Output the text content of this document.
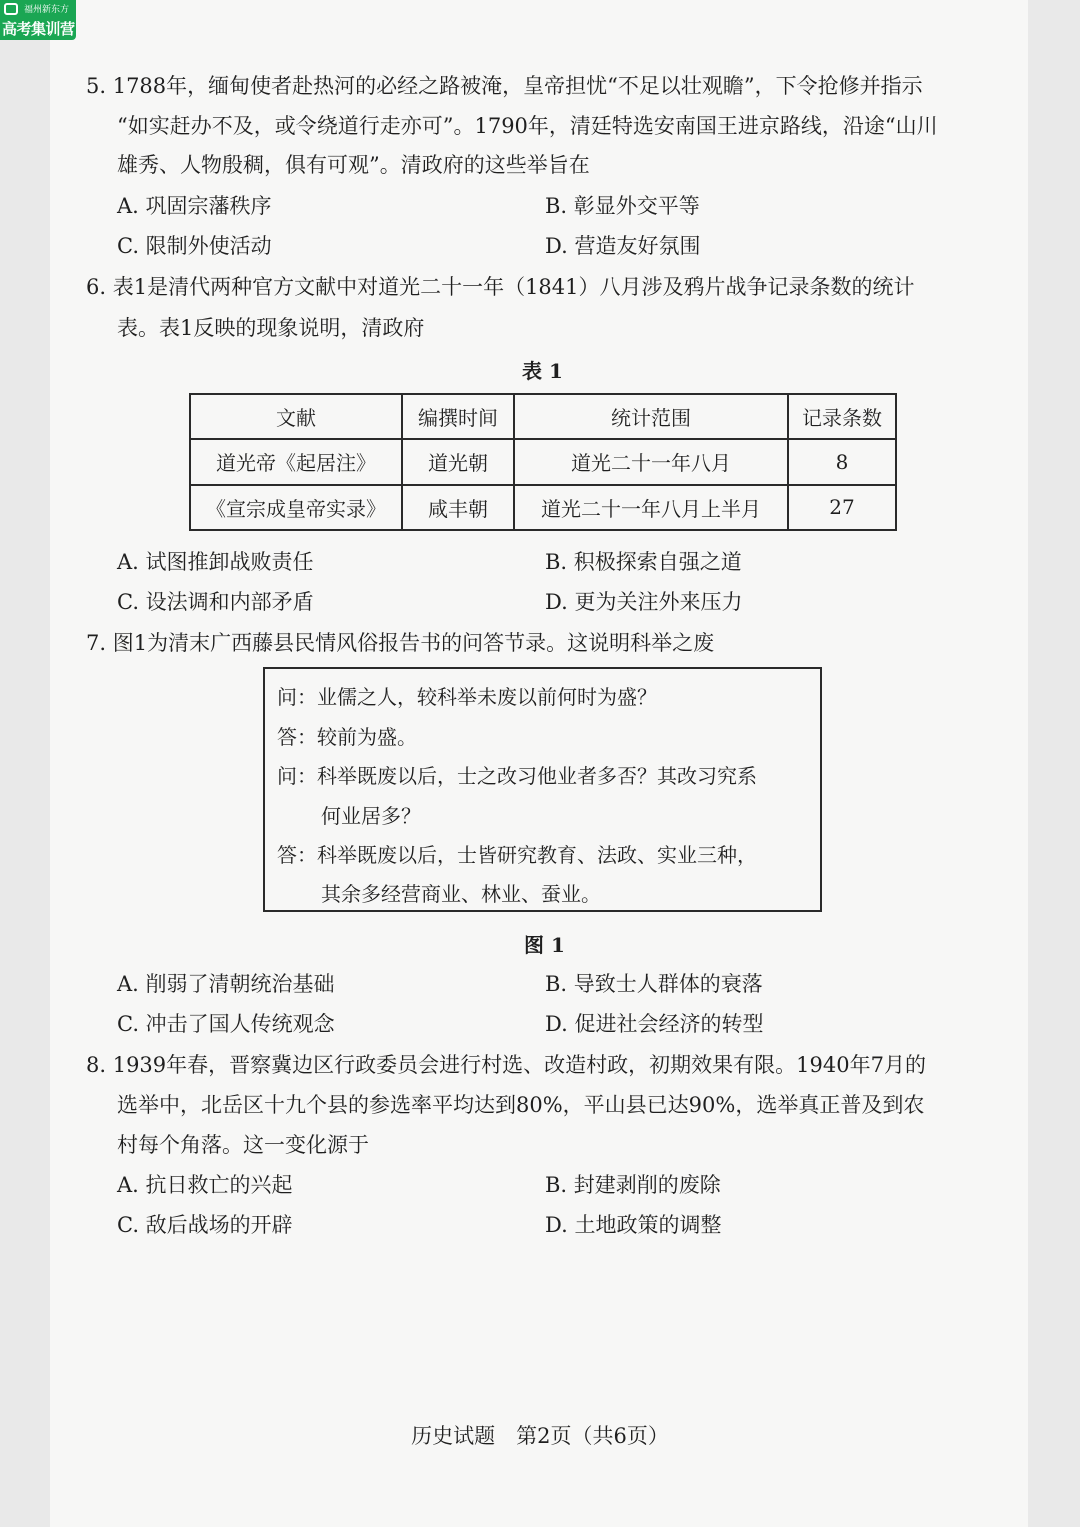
福州新东方
高考集训营
5. 1788年，缅甸使者赴热河的必经之路被淹，皇帝担忧“不足以壮观瞻”，下令抢修并指示
“如实赶办不及，或令绕道行走亦可”。1790年，清廷特选安南国王进京路线，沿途“山川
雄秀、人物殷稠，俱有可观”。清政府的这些举旨在
A. 巩固宗藩秩序	B. 彰显外交平等
C. 限制外使活动	D. 营造友好氛围
6. 表1是清代两种官方文献中对道光二十一年（1841）八月涉及鸦片战争记录条数的统计
表。表1反映的现象说明，清政府
表 1
文献	编撰时间	统计范围	记录条数
道光帝《起居注》	道光朝	道光二十一年八月	8
《宣宗成皇帝实录》	咸丰朝	道光二十一年八月上半月	27
A. 试图推卸战败责任	B. 积极探索自强之道
C. 设法调和内部矛盾	D. 更为关注外来压力
7. 图1为清末广西藤县民情风俗报告书的问答节录。这说明科举之废
问：业儒之人，较科举未废以前何时为盛？
答：较前为盛。
问：科举既废以后，士之改习他业者多否？其改习究系
何业居多？
答：科举既废以后，士皆研究教育、法政、实业三种，
其余多经营商业、林业、蚕业。
图 1
A. 削弱了清朝统治基础	B. 导致士人群体的衰落
C. 冲击了国人传统观念	D. 促进社会经济的转型
8. 1939年春，晋察冀边区行政委员会进行村选、改造村政，初期效果有限。1940年7月的
选举中，北岳区十九个县的参选率平均达到80%，平山县已达90%，选举真正普及到农
村每个角落。这一变化源于
A. 抗日救亡的兴起	B. 封建剥削的废除
C. 敌后战场的开辟	D. 土地政策的调整
历史试题　第2页（共6页）
